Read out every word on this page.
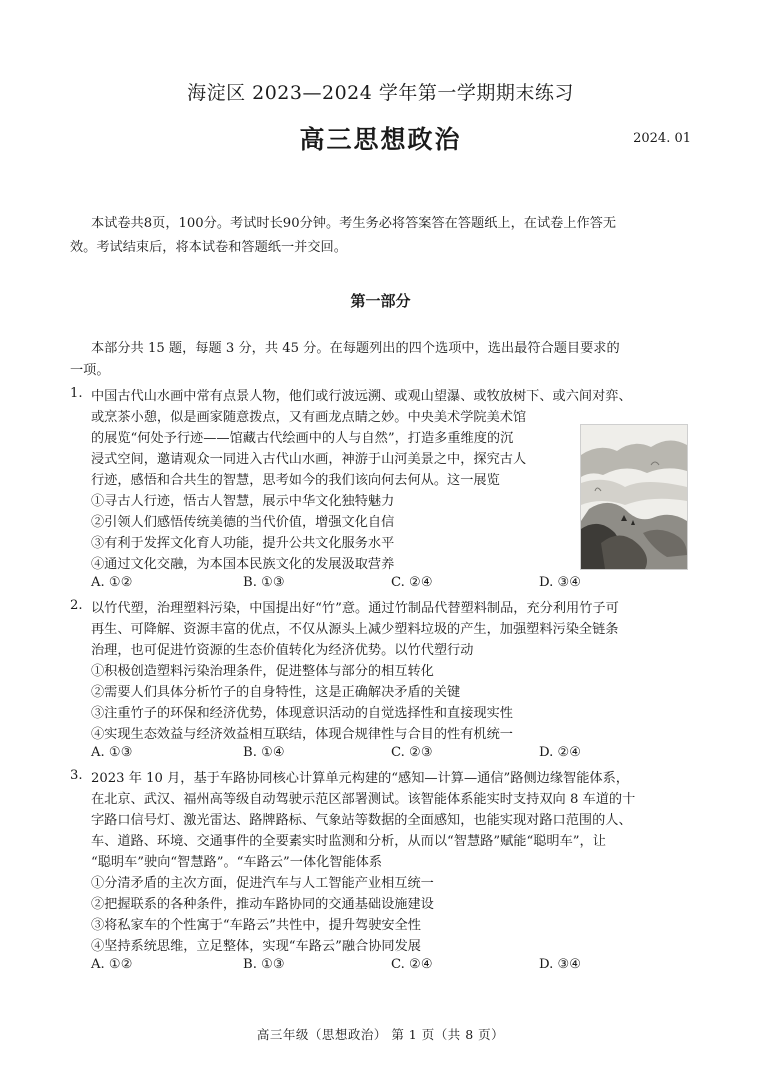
海淀区 2023—2024 学年第一学期期末练习
高三思想政治	2024. 01
本试卷共8页，100分。考试时长90分钟。考生务必将答案答在答题纸上，在试卷上作答无
效。考试结束后，将本试卷和答题纸一并交回。
第一部分
本部分共 15 题，每题 3 分，共 45 分。在每题列出的四个选项中，选出最符合题目要求的
一项。
1. 中国古代山水画中常有点景人物，他们或行波远溯、或观山望瀑、或牧放树下、或六间对弈、
或烹茶小憩，似是画家随意拨点，又有画龙点睛之妙。中央美术学院美术馆
的展览“何处予行迹——馆藏古代绘画中的人与自然”，打造多重维度的沉
浸式空间，邀请观众一同进入古代山水画，神游于山河美景之中，探究古人
行迹，感悟和合共生的智慧，思考如今的我们该向何去何从。这一展览
①寻古人行迹，悟古人智慧，展示中华文化独特魅力
②引领人们感悟传统美德的当代价值，增强文化自信
③有利于发挥文化育人功能，提升公共文化服务水平
④通过文化交融，为本国本民族文化的发展汲取营养
A. ①②	B. ①③	C. ②④	D. ③④
2. 以竹代塑，治理塑料污染，中国提出好“竹”意。通过竹制品代替塑料制品，充分利用竹子可
再生、可降解、资源丰富的优点，不仅从源头上减少塑料垃圾的产生，加强塑料污染全链条
治理，也可促进竹资源的生态价值转化为经济优势。以竹代塑行动
①积极创造塑料污染治理条件，促进整体与部分的相互转化
②需要人们具体分析竹子的自身特性，这是正确解决矛盾的关键
③注重竹子的环保和经济优势，体现意识活动的自觉选择性和直接现实性
④实现生态效益与经济效益相互联结，体现合规律性与合目的性有机统一
A. ①③	B. ①④	C. ②③	D. ②④
3. 2023 年 10 月，基于车路协同核心计算单元构建的“感知—计算—通信”路侧边缘智能体系，
在北京、武汉、福州高等级自动驾驶示范区部署测试。该智能体系能实时支持双向 8 车道的十
字路口信号灯、激光雷达、路牌路标、气象站等数据的全面感知，也能实现对路口范围的人、
车、道路、环境、交通事件的全要素实时监测和分析，从而以“智慧路”赋能“聪明车”，让
“聪明车”驶向“智慧路”。“车路云”一体化智能体系
①分清矛盾的主次方面，促进汽车与人工智能产业相互统一
②把握联系的各种条件，推动车路协同的交通基础设施建设
③将私家车的个性寓于“车路云”共性中，提升驾驶安全性
④坚持系统思维，立足整体，实现“车路云”融合协同发展
A. ①②	B. ①③	C. ②④	D. ③④
高三年级（思想政治） 第 1 页（共 8 页）
